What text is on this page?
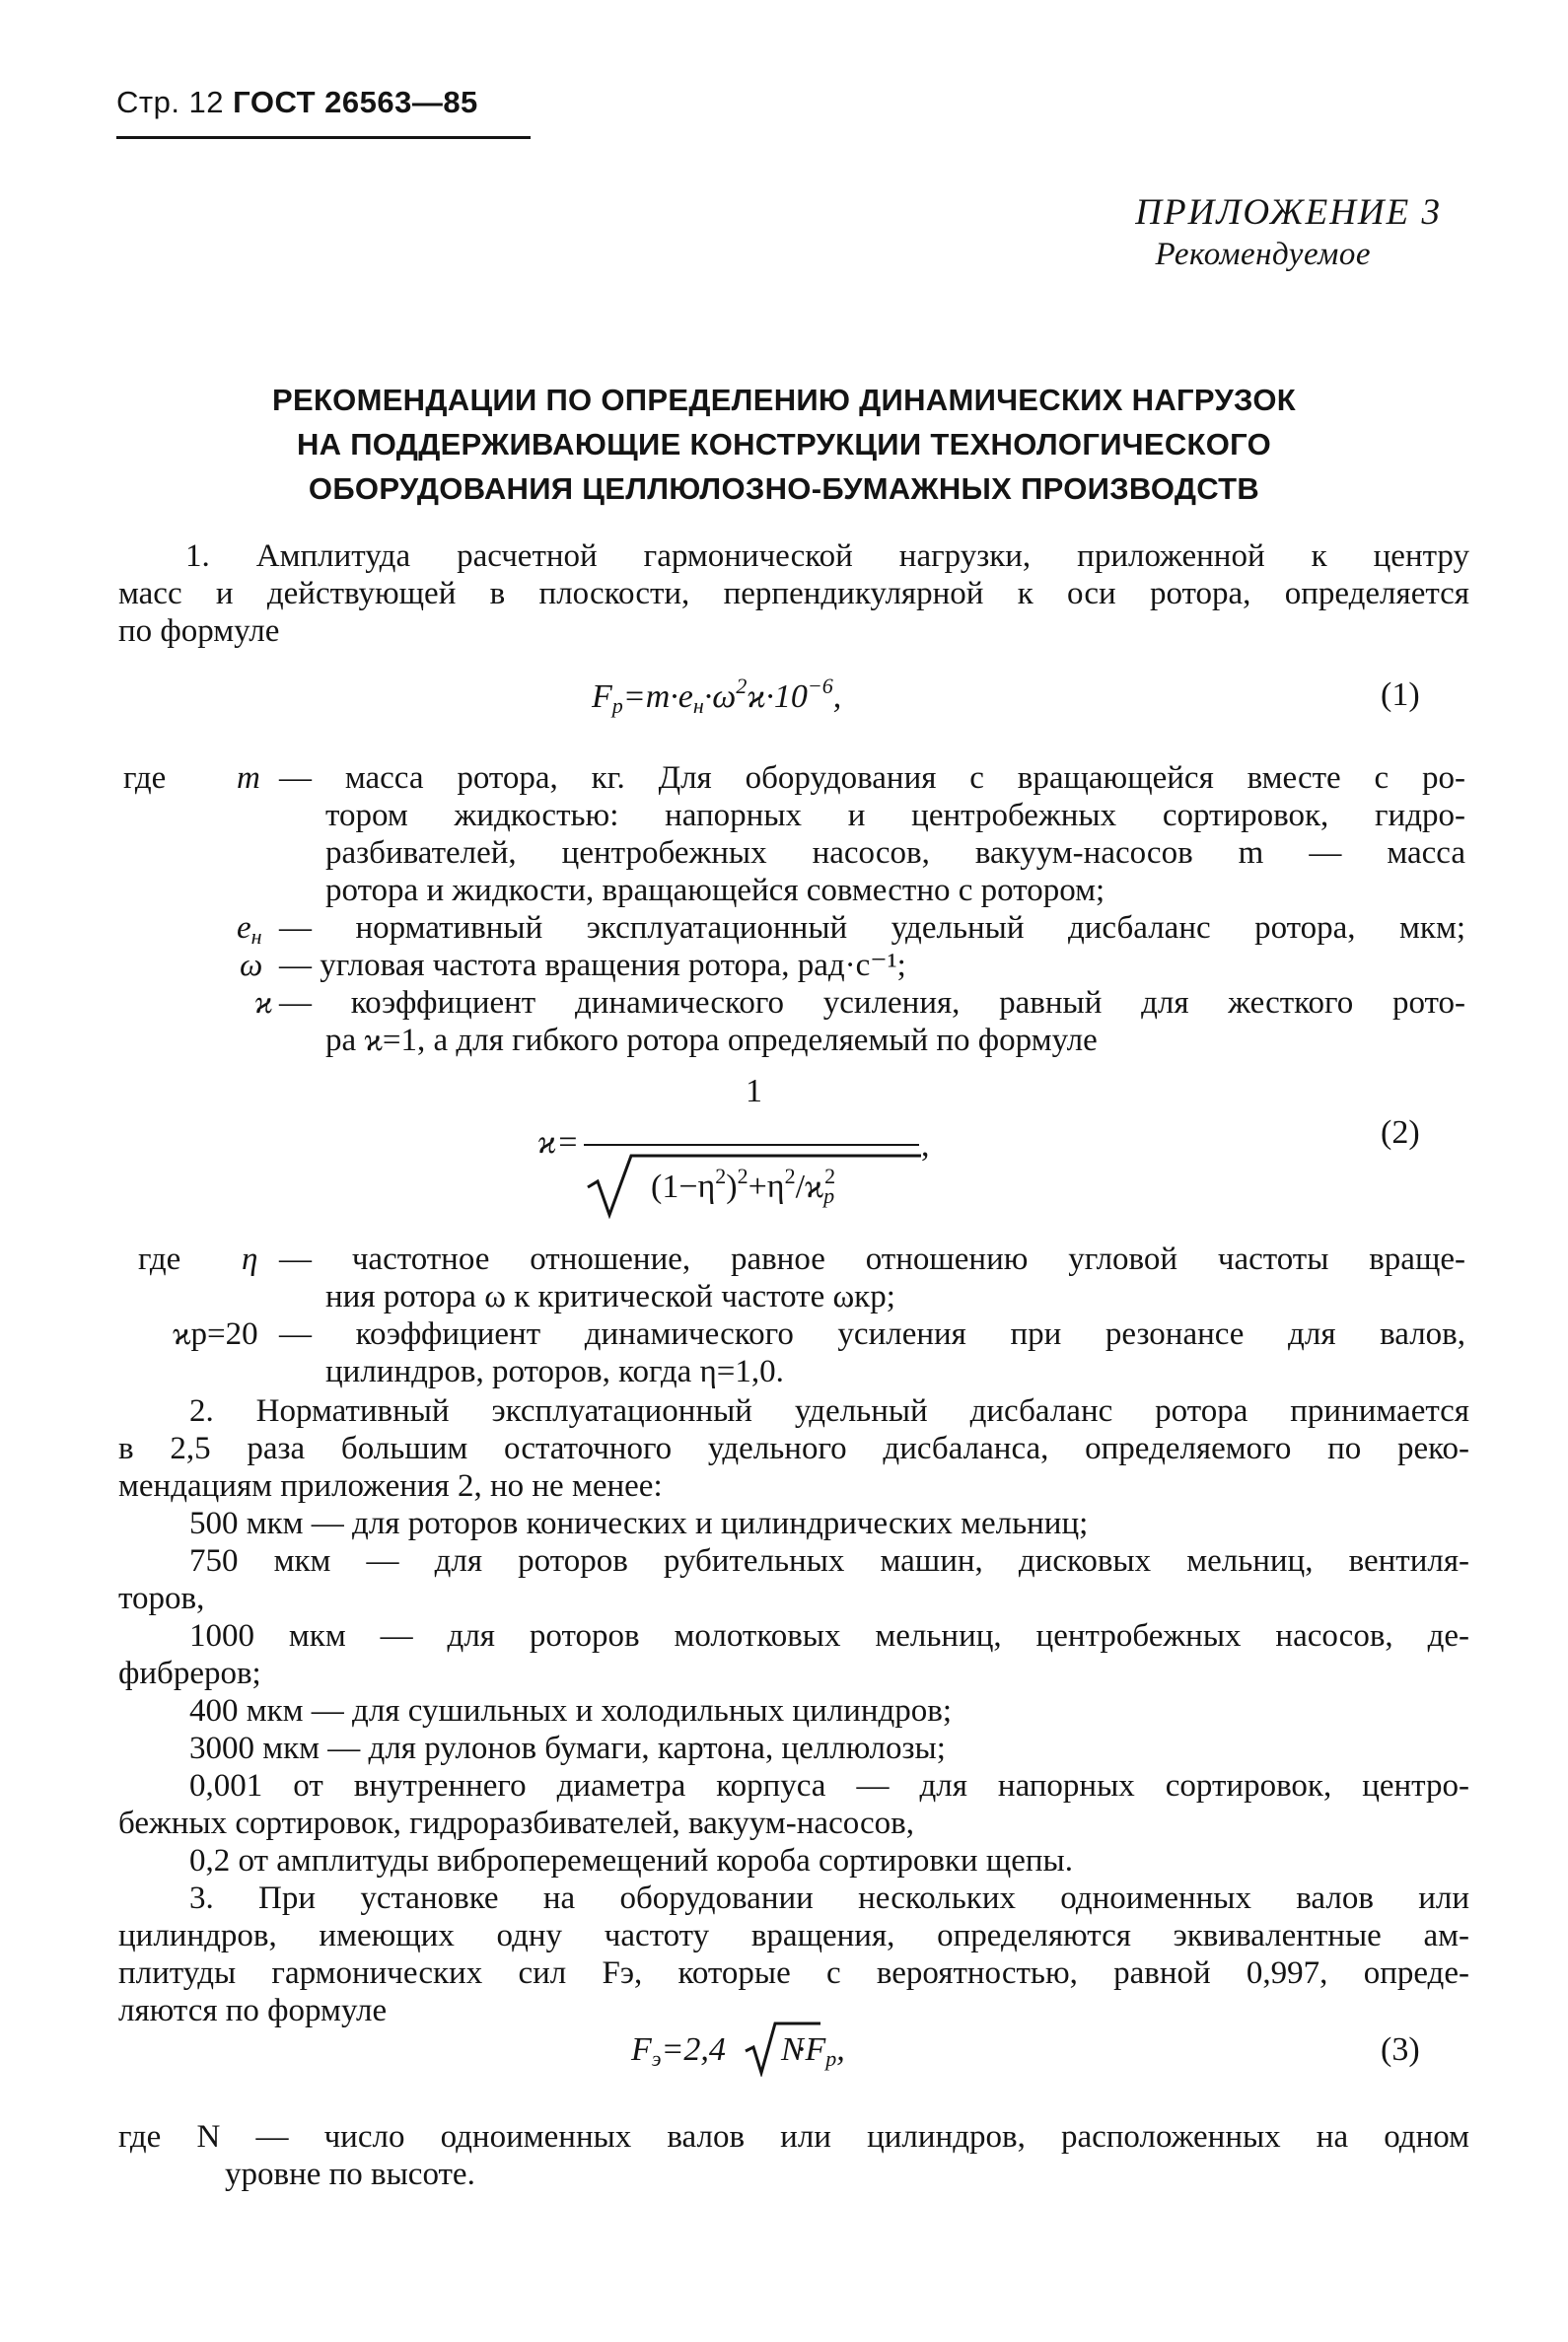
Стр. 12 ГОСТ 26563—85
ПРИЛОЖЕНИЕ 3
Рекомендуемое
РЕКОМЕНДАЦИИ ПО ОПРЕДЕЛЕНИЮ ДИНАМИЧЕСКИХ НАГРУЗОК
НА ПОДДЕРЖИВАЮЩИЕ КОНСТРУКЦИИ ТЕХНОЛОГИЧЕСКОГО
ОБОРУДОВАНИЯ ЦЕЛЛЮЛОЗНО-БУМАЖНЫХ ПРОИЗВОДСТВ
1. Амплитуда расчетной гармонической нагрузки, приложенной к центру
масс и действующей в плоскости, перпендикулярной к оси ротора, определяется
по формуле
$F_р=m\cdot e_н\cdot\omega^2ϰ\cdot 10^{-6}$,	(1)
где m — масса ротора, кг. Для оборудования с вращающейся вместе с ро-
тором жидкостью: напорных и центробежных сортировок, гидро-
разбивателей, центробежных насосов, вакуум-насосов m — масса
ротора и жидкости, вращающейся совместно с ротором;
$e_н$ — нормативный эксплуатационный удельный дисбаланс ротора, мкм;
ω — угловая частота вращения ротора, рад·с⁻¹;
ϰ — коэффициент динамического усиления, равный для жесткого рото-
ра ϰ=1, а для гибкого ротора определяемый по формуле
ϰ=
1
,
$(1-\eta^2)^2+\eta^2/ϰ_р^2$
(2)
где η — частотное отношение, равное отношению угловой частоты враще-
ния ротора ω к критической частоте ωкр;
ϰр=20 — коэффициент динамического усиления при резонансе для валов,
цилиндров, роторов, когда η=1,0.
2. Нормативный эксплуатационный удельный дисбаланс ротора принимается
в 2,5 раза большим остаточного удельного дисбаланса, определяемого по реко-
мендациям приложения 2, но не менее:
500 мкм — для роторов конических и цилиндрических мельниц;
750 мкм — для роторов рубительных машин, дисковых мельниц, вентиля-
торов,
1000 мкм — для роторов молотковых мельниц, центробежных насосов, де-
фибреров;
400 мкм — для сушильных и холодильных цилиндров;
3000 мкм — для рулонов бумаги, картона, целлюлозы;
0,001 от внутреннего диаметра корпуса — для напорных сортировок, центро-
бежных сортировок, гидроразбивателей, вакуум-насосов,
0,2 от амплитуды виброперемещений короба сортировки щепы.
3. При установке на оборудовании нескольких одноименных валов или
цилиндров, имеющих одну частоту вращения, определяются эквивалентные ам-
плитуды гармонических сил Fэ, которые с вероятностью, равной 0,997, опреде-
ляются по формуле
$F_э=2,4 \cdot F_р$,
N	(3)
где N — число одноименных валов или цилиндров, расположенных на одном
уровне по высоте.
